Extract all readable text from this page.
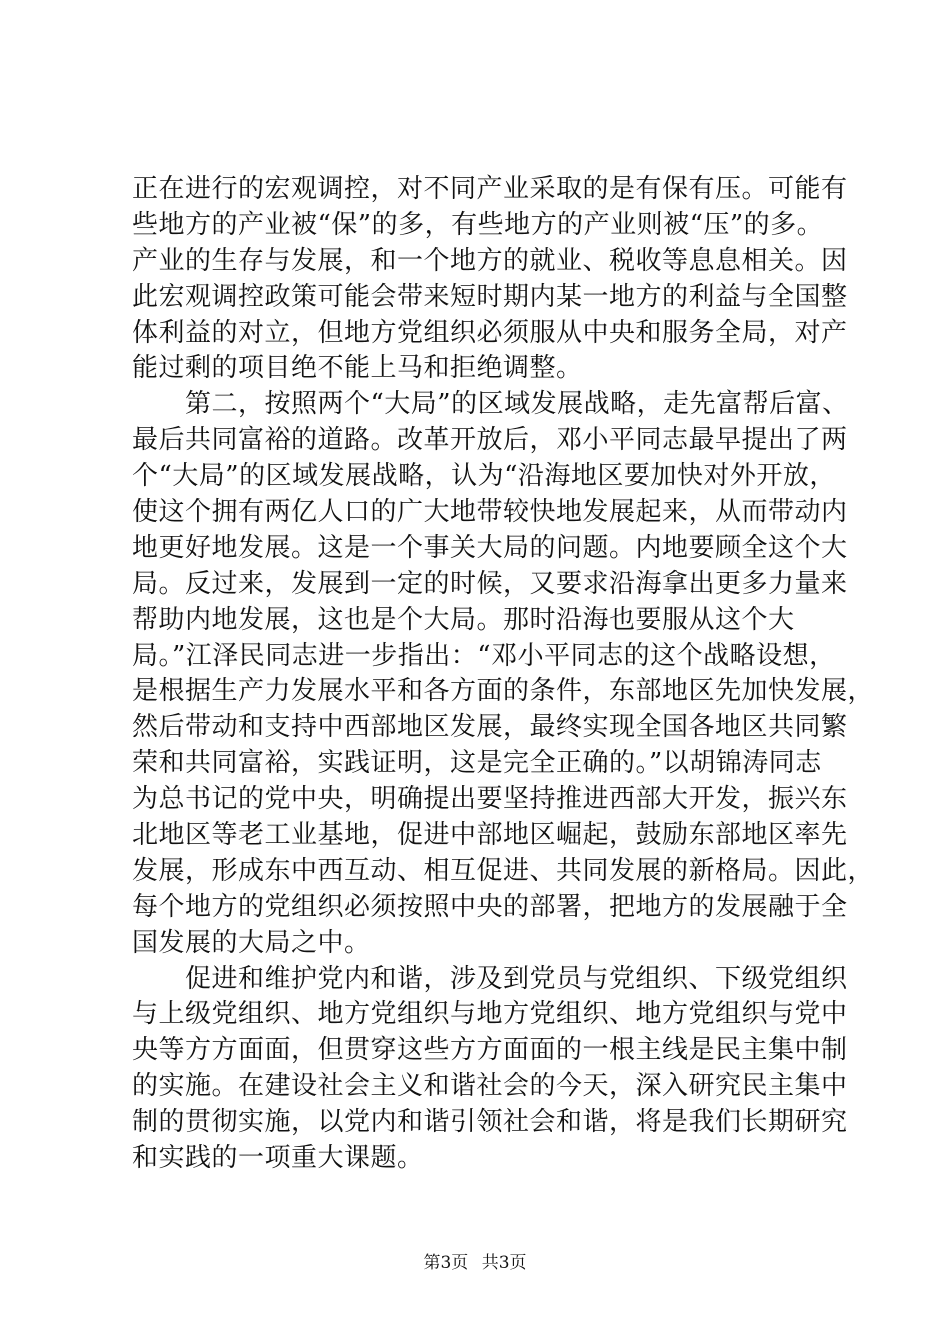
正在进行的宏观调控，对不同产业采取的是有保有压。可能有
些地方的产业被“保”的多，有些地方的产业则被“压”的多。
产业的生存与发展，和一个地方的就业、税收等息息相关。因
此宏观调控政策可能会带来短时期内某一地方的利益与全国整
体利益的对立，但地方党组织必须服从中央和服务全局，对产
能过剩的项目绝不能上马和拒绝调整。
　　第二，按照两个“大局”的区域发展战略，走先富帮后富、
最后共同富裕的道路。改革开放后，邓小平同志最早提出了两
个“大局”的区域发展战略，认为“沿海地区要加快对外开放，
使这个拥有两亿人口的广大地带较快地发展起来，从而带动内
地更好地发展。这是一个事关大局的问题。内地要顾全这个大
局。反过来，发展到一定的时候，又要求沿海拿出更多力量来
帮助内地发展，这也是个大局。那时沿海也要服从这个大
局。”江泽民同志进一步指出：“邓小平同志的这个战略设想，
是根据生产力发展水平和各方面的条件，东部地区先加快发展，
然后带动和支持中西部地区发展，最终实现全国各地区共同繁
荣和共同富裕，实践证明，这是完全正确的。”以胡锦涛同志
为总书记的党中央，明确提出要坚持推进西部大开发，振兴东
北地区等老工业基地，促进中部地区崛起，鼓励东部地区率先
发展，形成东中西互动、相互促进、共同发展的新格局。因此，
每个地方的党组织必须按照中央的部署，把地方的发展融于全
国发展的大局之中。
　　促进和维护党内和谐，涉及到党员与党组织、下级党组织
与上级党组织、地方党组织与地方党组织、地方党组织与党中
央等方方面面，但贯穿这些方方面面的一根主线是民主集中制
的实施。在建设社会主义和谐社会的今天，深入研究民主集中
制的贯彻实施，以党内和谐引领社会和谐，将是我们长期研究
和实践的一项重大课题。
第3页 共3页
